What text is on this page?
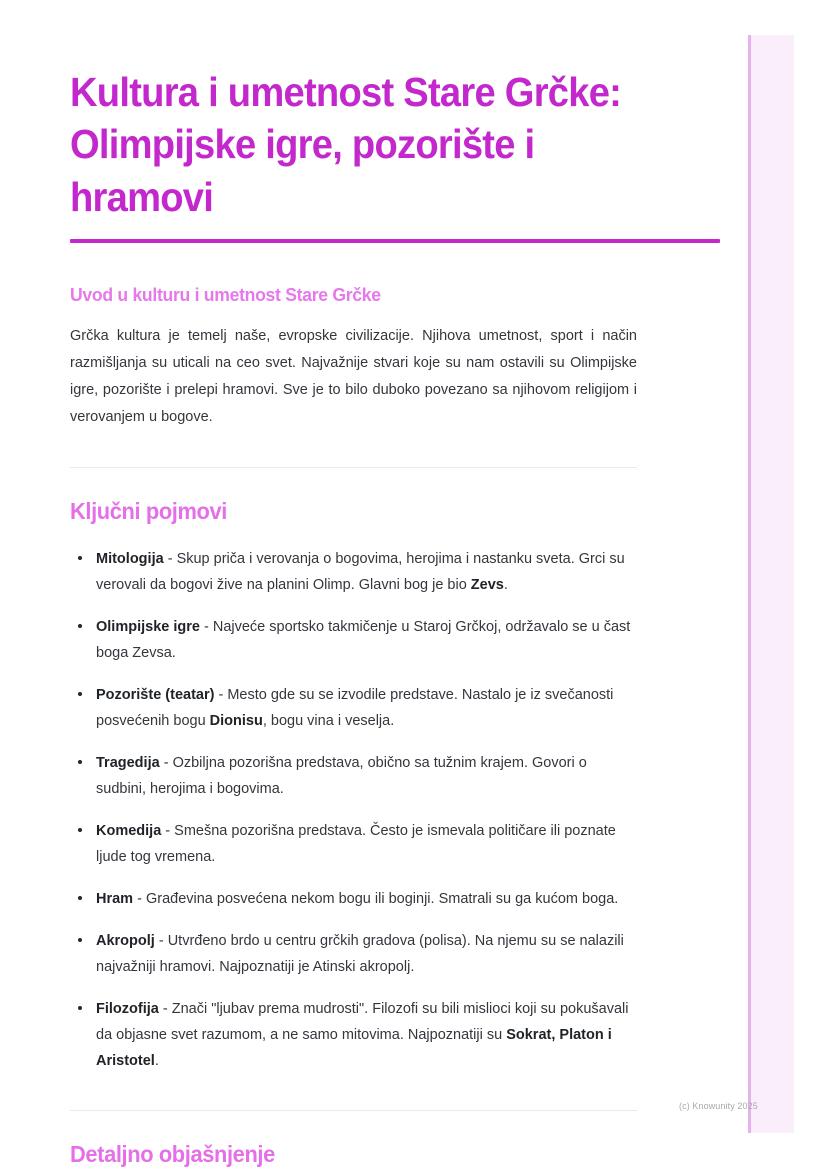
Kultura i umetnost Stare Grčke: Olimpijske igre, pozorište i hramovi
Uvod u kulturu i umetnost Stare Grčke

Grčka kultura je temelj naše, evropske civilizacije. Njihova umetnost, sport i način razmišljanja su uticali na ceo svet. Najvažnije stvari koje su nam ostavili su Olimpijske igre, pozorište i prelepi hramovi. Sve je to bilo duboko povezano sa njihovom religijom i verovanjem u bogove.

Ključni pojmovi
Mitologija - Skup priča i verovanja o bogovima, herojima i nastanku sveta. Grci su verovali da bogovi žive na planini Olimp. Glavni bog je bio Zevs.
Olimpijske igre - Najveće sportsko takmičenje u Staroj Grčkoj, održavalo se u čast boga Zevsa.
Pozorište (teatar) - Mesto gde su se izvodile predstave. Nastalo je iz svečanosti posvećenih bogu Dionisu, bogu vina i veselja.
Tragedija - Ozbiljna pozorišna predstava, obično sa tužnim krajem. Govori o sudbini, herojima i bogovima.
Komedija - Smešna pozorišna predstava. Često je ismevala političare ili poznate ljude tog vremena.
Hram - Građevina posvećena nekom bogu ili boginji. Smatrali su ga kućom boga.
Akropolj - Utvrđeno brdo u centru grčkih gradova (polisa). Na njemu su se nalazili najvažniji hramovi. Najpoznatiji je Atinski akropolj.
Filozofija - Znači "ljubav prema mudrosti". Filozofi su bili mislioci koji su pokušavali da objasne svet razumom, a ne samo mitovima. Najpoznatiji su Sokrat, Platon i Aristotel.
Detaljno objašnjenje
(c) Knowunity 2025
